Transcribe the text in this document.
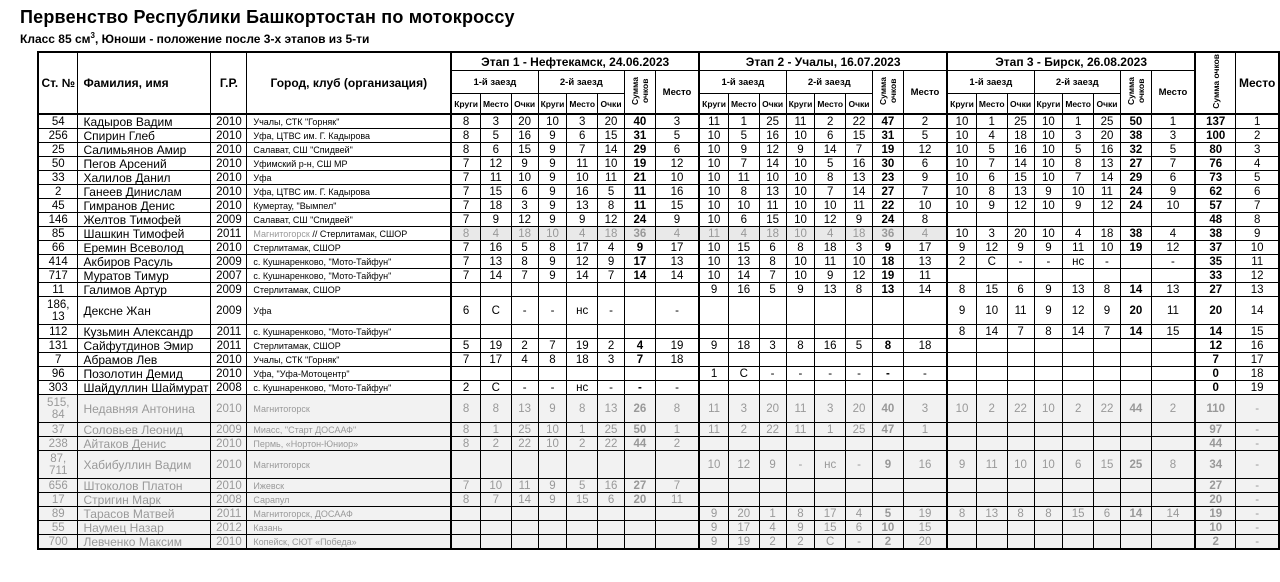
Первенство Республики Башкортостан по мотокроссу

Класс 85 $см^3$, Юноши - положение после 3-х этапов из 5-ти

Ст. №	Фамилия, имя	Г.Р.	Город, клуб (организация)	Этап 1 - Нефтекамск, 24.06.2023								Этап 2 - Учалы, 16.07.2023								Этап 3 - Бирск, 26.08.2023								Сумма очков	Место
				1-й заезд			2-й заезд			Сумма очков	Место	1-й заезд			2-й заезд			Сумма очков	Место	1-й заезд			2-й заезд			Сумма очков	Место		
				Круги	Место	Очки	Круги	Место	Очки			Круги	Место	Очки	Круги	Место	Очки			Круги	Место	Очки	Круги	Место	Очки				
54	Кадыров Вадим	2010	Учалы, СТК "Горняк"	8	3	20	10	3	20	40	3	11	1	25	11	2	22	47	2	10	1	25	10	1	25	50	1	137	1
256	Спирин Глеб	2010	Уфа, ЦТВС им. Г. Кадырова	8	5	16	9	6	15	31	5	10	5	16	10	6	15	31	5	10	4	18	10	3	20	38	3	100	2
25	Салимьянов Амир	2010	Салават, СШ "Спидвей"	8	6	15	9	7	14	29	6	10	9	12	9	14	7	19	12	10	5	16	10	5	16	32	5	80	3
50	Пегов Арсений	2010	Уфимский р-н, СШ МР	7	12	9	9	11	10	19	12	10	7	14	10	5	16	30	6	10	7	14	10	8	13	27	7	76	4
33	Халилов Данил	2010	Уфа	7	11	10	9	10	11	21	10	10	11	10	10	8	13	23	9	10	6	15	10	7	14	29	6	73	5
2	Ганеев Динислам	2010	Уфа, ЦТВС им. Г. Кадырова	7	15	6	9	16	5	11	16	10	8	13	10	7	14	27	7	10	8	13	9	10	11	24	9	62	6
45	Гимранов Денис	2010	Кумертау, "Вымпел"	7	18	3	9	13	8	11	15	10	10	11	10	10	11	22	10	10	9	12	10	9	12	24	10	57	7
146	Желтов Тимофей	2009	Салават, СШ "Спидвей"	7	9	12	9	9	12	24	9	10	6	15	10	12	9	24	8									48	8
85	Шашкин Тимофей	2011	Магнитогорск // Стерлитамак, СШОР	8	4	18	10	4	18	36	4	11	4	18	10	4	18	36	4	10	3	20	10	4	18	38	4	38	9
66	Еремин Всеволод	2010	Стерлитамак, СШОР	7	16	5	8	17	4	9	17	10	15	6	8	18	3	9	17	9	12	9	9	11	10	19	12	37	10
414	Акбиров Расуль	2009	с. Кушнаренково, "Мото-Тайфун"	7	13	8	9	12	9	17	13	10	13	8	10	11	10	18	13	2	С	-	-	нс	-		-	35	11
717	Муратов Тимур	2007	с. Кушнаренково, "Мото-Тайфун"	7	14	7	9	14	7	14	14	10	14	7	10	9	12	19	11									33	12
11	Галимов Артур	2009	Стерлитамак, СШОР									9	16	5	9	13	8	13	14	8	15	6	9	13	8	14	13	27	13
186, 13	Дексне Жан	2009	Уфа	6	С	-	-	нс	-		-									9	10	11	9	12	9	20	11	20	14
112	Кузьмин Александр	2011	с. Кушнаренково, "Мото-Тайфун"																	8	14	7	8	14	7	14	15	14	15
131	Сайфутдинов Эмир	2011	Стерлитамак, СШОР	5	19	2	7	19	2	4	19	9	18	3	8	16	5	8	18									12	16
7	Абрамов Лев	2010	Учалы, СТК "Горняк"	7	17	4	8	18	3	7	18																	7	17
96	Позолотин Демид	2010	Уфа, "Уфа-Мотоцентр"									1	С	-	-	-	-	-	-									0	18
303	Шайдуллин Шаймурат	2008	с. Кушнаренково, "Мото-Тайфун"	2	С	-	-	нс	-	-	-																	0	19
515, 84	Недавняя Антонина	2010	Магнитогорск	8	8	13	9	8	13	26	8	11	3	20	11	3	20	40	3	10	2	22	10	2	22	44	2	110	-
37	Соловьев Леонид	2009	Миасс, "Старт ДОСААФ"	8	1	25	10	1	25	50	1	11	2	22	11	1	25	47	1									97	-
238	Айтаков Денис	2010	Пермь, «Нортон-Юниор»	8	2	22	10	2	22	44	2																	44	-
87, 711	Хабибуллин Вадим	2010	Магнитогорск									10	12	9	-	нс	-	9	16	9	11	10	10	6	15	25	8	34	-
656	Штоколов Платон	2010	Ижевск	7	10	11	9	5	16	27	7																	27	-
17	Стригин Марк	2008	Сарапул	8	7	14	9	15	6	20	11																	20	-
89	Тарасов Матвей	2011	Магнитогорск, ДОСААФ									9	20	1	8	17	4	5	19	8	13	8	8	15	6	14	14	19	-
55	Наумец Назар	2012	Казань									9	17	4	9	15	6	10	15									10	-
700	Левченко Максим	2010	Копейск, СЮТ «Победа»									9	19	2	2	С	-	2	20									2	-
